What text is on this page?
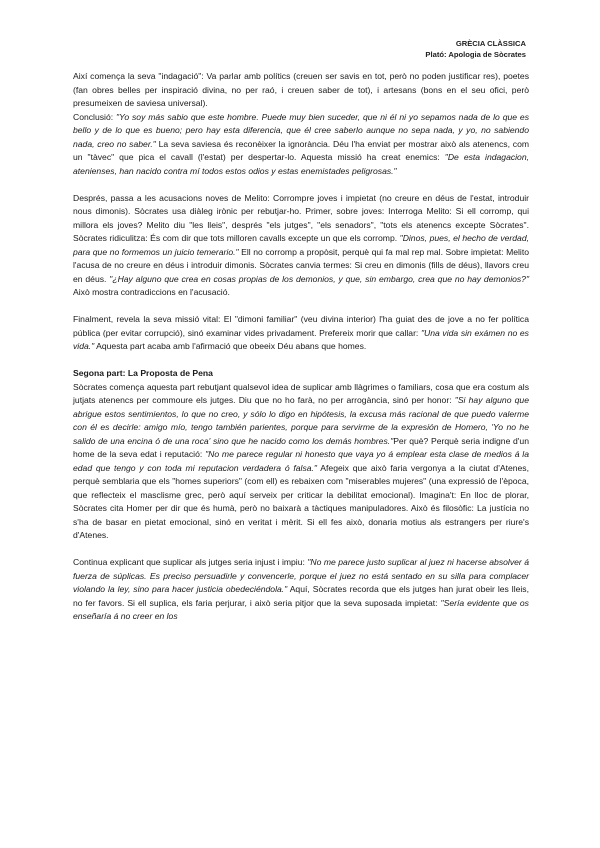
GRÈCIA CLÀSSICA
Plató: Apologia de Sòcrates

Així comença la seva "indagació": Va parlar amb polítics (creuen ser savis en tot, però no poden justificar res), poetes (fan obres belles per inspiració divina, no per raó, i creuen saber de tot), i artesans (bons en el seu ofici, però presumeixen de saviesa universal).

Conclusió: "Yo soy más sabio que este hombre. Puede muy bien suceder, que ni él ni yo sepamos nada de lo que es bello y de lo que es bueno; pero hay esta diferencia, que él cree saberlo aunque no sepa nada, y yo, no sabiendo nada, creo no saber." La seva saviesa és reconèixer la ignorància. Déu l'ha enviat per mostrar això als atenencs, com un "tàvec" que pica el cavall (l'estat) per despertar-lo. Aquesta missió ha creat enemics: "De esta indagacion, atenienses, han nacido contra mí todos estos odios y estas enemistades peligrosas."

Després, passa a les acusacions noves de Melito: Corrompre joves i impietat (no creure en déus de l'estat, introduir nous dimonis). Sòcrates usa diàleg irònic per rebutjar-ho. Primer, sobre joves: Interroga Melito: Si ell corromp, qui millora els joves? Melito diu "les lleis", després "els jutges", "els senadors", "tots els atenencs excepte Sòcrates". Sòcrates ridiculitza: És com dir que tots milloren cavalls excepte un que els corromp. "Dinos, pues, el hecho de verdad, para que no formemos un juicio temerario." Ell no corromp a propòsit, perquè qui fa mal rep mal. Sobre impietat: Melito l'acusa de no creure en déus i introduir dimonis. Sòcrates canvia termes: Si creu en dimonis (fills de déus), llavors creu en déus. "¿Hay alguno que crea en cosas propias de los demonios, y que, sin embargo, crea que no hay demonios?" Això mostra contradiccions en l'acusació.

Finalment, revela la seva missió vital: El "dimoni familiar" (veu divina interior) l'ha guiat des de jove a no fer política pública (per evitar corrupció), sinó examinar vides privadament. Prefereix morir que callar: "Una vida sin exámen no es vida." Aquesta part acaba amb l'afirmació que obeeix Déu abans que homes.

Segona part: La Proposta de Pena

Sòcrates comença aquesta part rebutjant qualsevol idea de suplicar amb llàgrimes o familiars, cosa que era costum als jutjats atenencs per commoure els jutges. Diu que no ho farà, no per arrogància, sinó per honor: "Si hay alguno que abrigue estos sentimientos, lo que no creo, y sólo lo digo en hipótesis, la excusa más racional de que puedo valerme con él es decirle: amigo mío, tengo también parientes, porque para servirme de la expresión de Homero, 'Yo no he salido de una encina ó de una roca' sino que he nacido como los demás hombres."Per què? Perquè seria indigne d'un home de la seva edat i reputació: "No me parece regular ni honesto que vaya yo á emplear esta clase de medios á la edad que tengo y con toda mi reputacion verdadera ó falsa." Afegeix que això faria vergonya a la ciutat d'Atenes, perquè semblaria que els "homes superiors" (com ell) es rebaixen com "miserables mujeres" (una expressió de l'època, que reflecteix el masclisme grec, però aquí serveix per criticar la debilitat emocional). Imagina't: En lloc de plorar, Sòcrates cita Homer per dir que és humà, però no baixarà a tàctiques manipuladores. Això és filosòfic: La justícia no s'ha de basar en pietat emocional, sinó en veritat i mèrit. Si ell fes això, donaria motius als estrangers per riure's d'Atenes.

Continua explicant que suplicar als jutges seria injust i impiu: "No me parece justo suplicar al juez ni hacerse absolver á fuerza de súplicas. Es preciso persuadirle y convencerle, porque el juez no está sentado en su silla para complacer violando la ley, sino para hacer justicia obedeciéndola." Aquí, Sòcrates recorda que els jutges han jurat obeir les lleis, no fer favors. Si ell suplica, els faria perjurar, i això seria pitjor que la seva suposada impietat: "Sería evidente que os enseñaría á no creer en los
